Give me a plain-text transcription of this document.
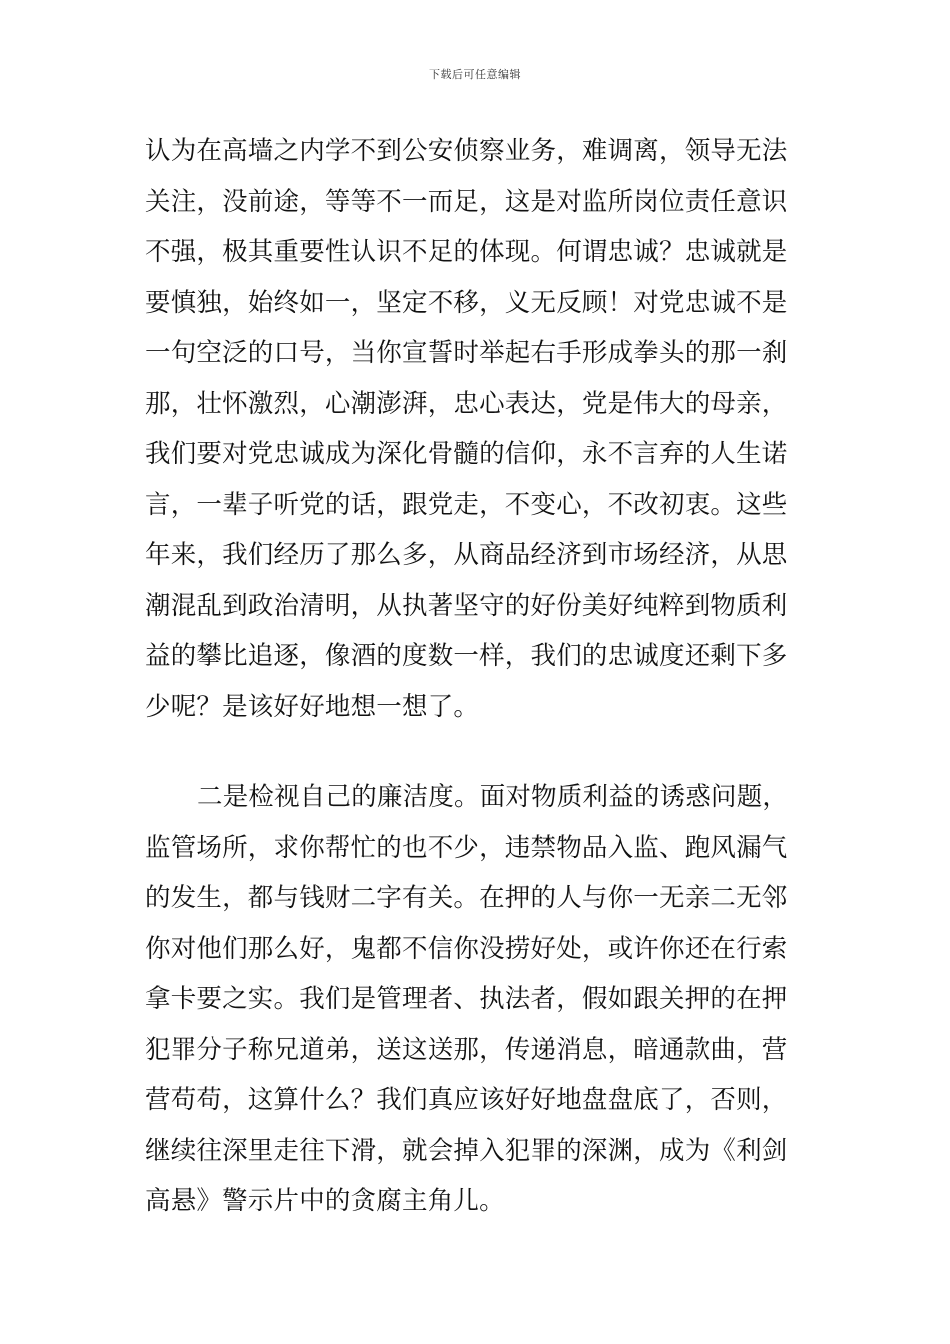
下载后可任意编辑
认为在高墙之内学不到公安侦察业务，难调离，领导无法
关注，没前途，等等不一而足，这是对监所岗位责任意识
不强，极其重要性认识不足的体现。何谓忠诚？忠诚就是
要慎独，始终如一，坚定不移，义无反顾！对党忠诚不是
一句空泛的口号，当你宣誓时举起右手形成拳头的那一刹
那，壮怀激烈，心潮澎湃，忠心表达，党是伟大的母亲，
我们要对党忠诚成为深化骨髓的信仰，永不言弃的人生诺
言，一辈子听党的话，跟党走，不变心，不改初衷。这些
年来，我们经历了那么多，从商品经济到市场经济，从思
潮混乱到政治清明，从执著坚守的好份美好纯粹到物质利
益的攀比追逐，像酒的度数一样，我们的忠诚度还剩下多
少呢？是该好好地想一想了。
二是检视自己的廉洁度。面对物质利益的诱惑问题，
监管场所，求你帮忙的也不少，违禁物品入监、跑风漏气
的发生，都与钱财二字有关。在押的人与你一无亲二无邻
你对他们那么好，鬼都不信你没捞好处，或许你还在行索
拿卡要之实。我们是管理者、执法者，假如跟关押的在押
犯罪分子称兄道弟，送这送那，传递消息，暗通款曲，营
营苟苟，这算什么？我们真应该好好地盘盘底了，否则，
继续往深里走往下滑，就会掉入犯罪的深渊，成为《利剑
高悬》警示片中的贪腐主角儿。
